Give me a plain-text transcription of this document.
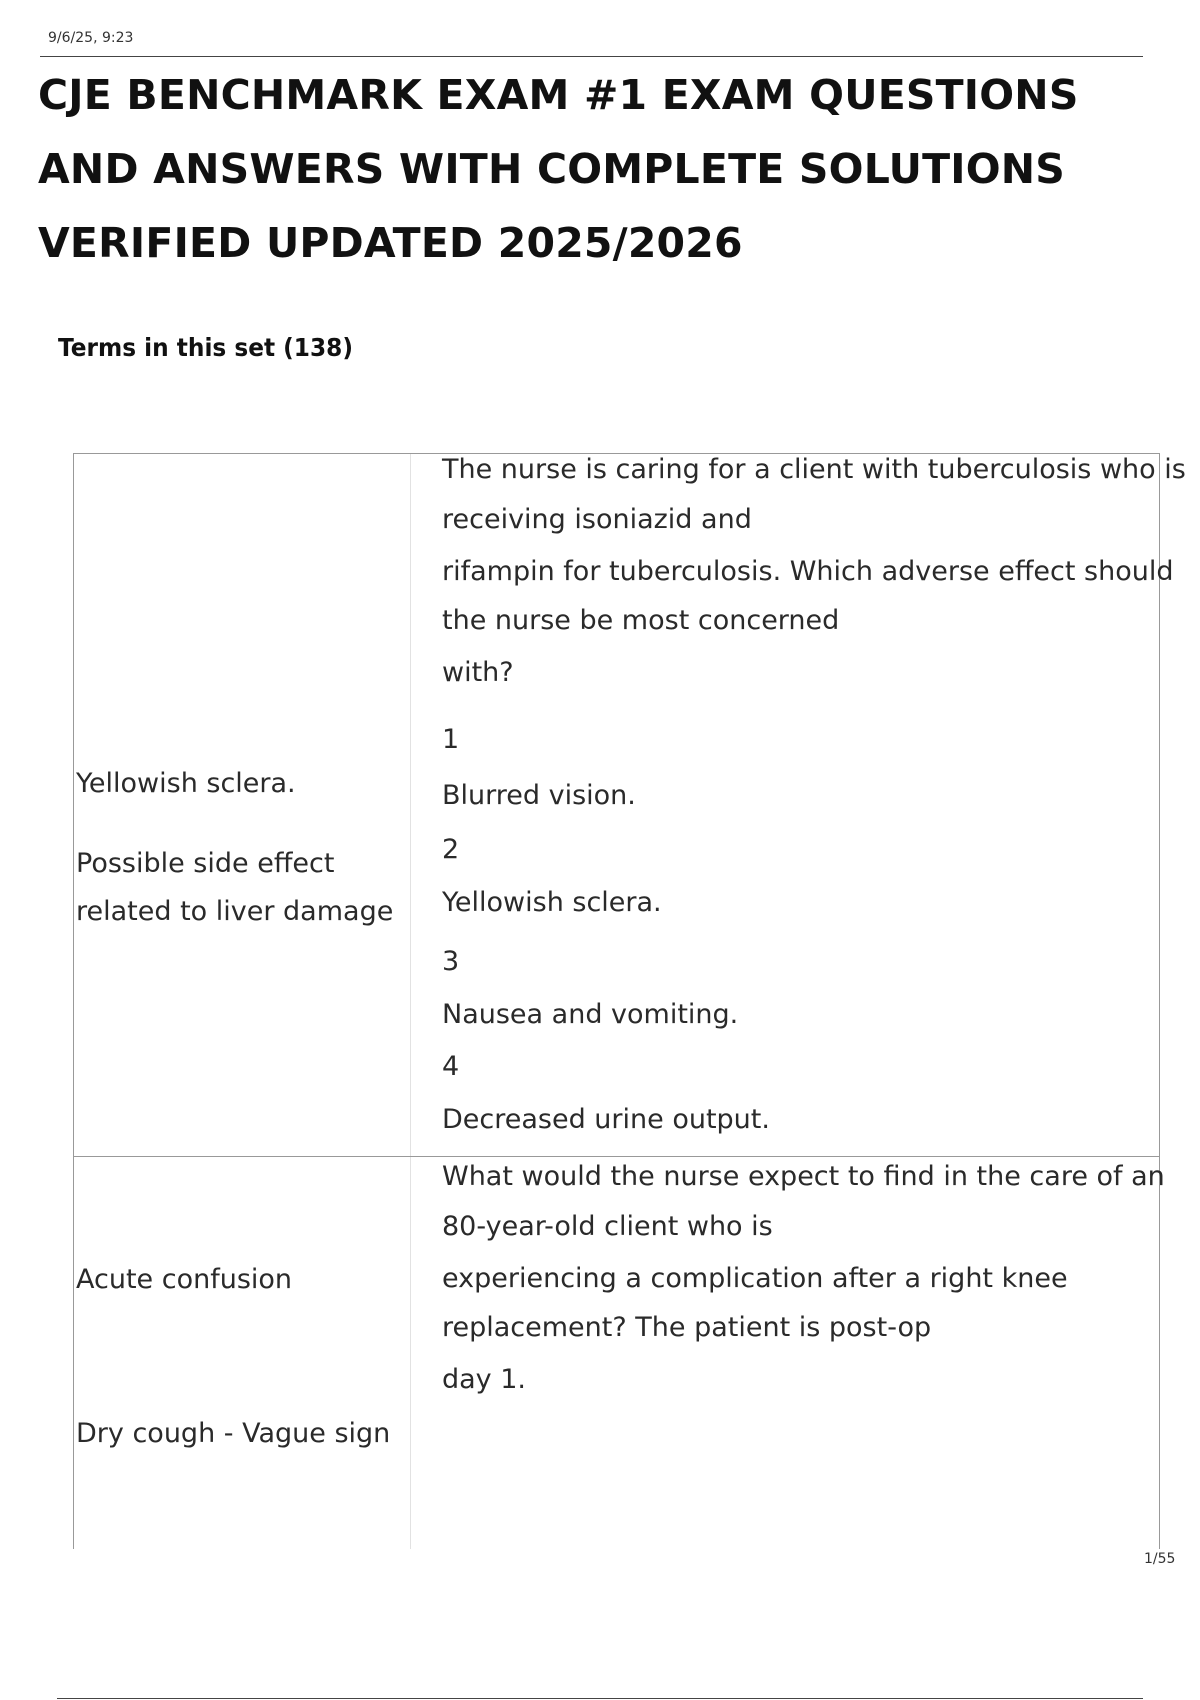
9/6/25, 9:23
CJE BENCHMARK EXAM #1 EXAM QUESTIONS
AND ANSWERS WITH COMPLETE SOLUTIONS
VERIFIED UPDATED 2025/2026
Terms in this set (138)
Yellowish sclera.
Possible side effect
related to liver damage
The nurse is caring for a client with tuberculosis who is
receiving isoniazid and
rifampin for tuberculosis. Which adverse effect should
the nurse be most concerned
with?
1
Blurred vision.
2
Yellowish sclera.
3
Nausea and vomiting.
4
Decreased urine output.
Acute confusion
Dry cough - Vague sign
What would the nurse expect to find in the care of an
80-year-old client who is
experiencing a complication after a right knee
replacement? The patient is post-op
day 1.
1/55
